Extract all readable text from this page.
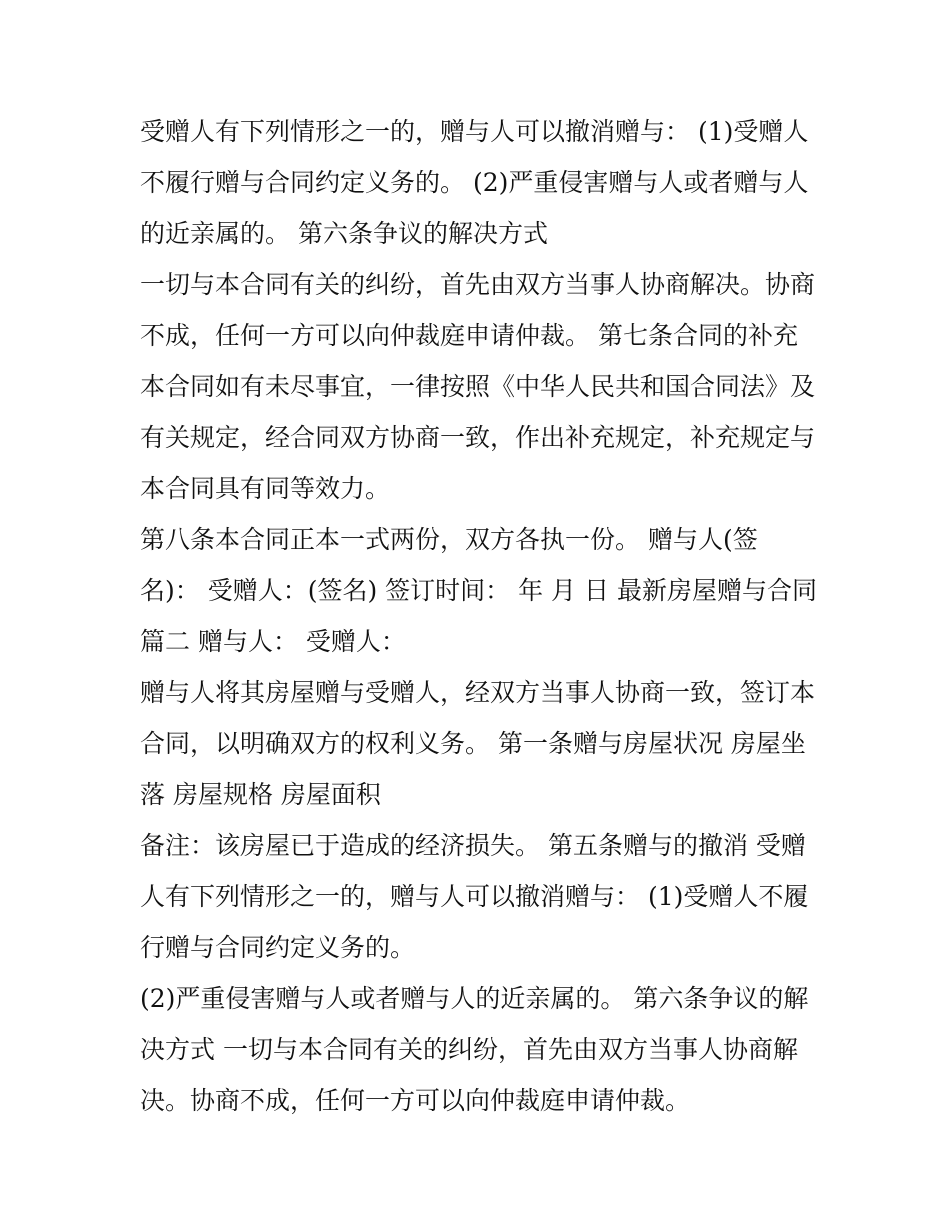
受赠人有下列情形之一的，赠与人可以撤消赠与： (1)受赠人
不履行赠与合同约定义务的。 (2)严重侵害赠与人或者赠与人
的近亲属的。 第六条争议的解决方式
一切与本合同有关的纠纷，首先由双方当事人协商解决。协商
不成，任何一方可以向仲裁庭申请仲裁。 第七条合同的补充
本合同如有未尽事宜，一律按照《中华人民共和国合同法》及
有关规定，经合同双方协商一致，作出补充规定，补充规定与
本合同具有同等效力。
第八条本合同正本一式两份，双方各执一份。 赠与人(签
名)： 受赠人：(签名) 签订时间： 年 月 日 最新房屋赠与合同
篇二 赠与人： 受赠人：
赠与人将其房屋赠与受赠人，经双方当事人协商一致，签订本
合同，以明确双方的权利义务。 第一条赠与房屋状况 房屋坐
落 房屋规格 房屋面积
备注：该房屋已于造成的经济损失。 第五条赠与的撤消 受赠
人有下列情形之一的，赠与人可以撤消赠与： (1)受赠人不履
行赠与合同约定义务的。
(2)严重侵害赠与人或者赠与人的近亲属的。 第六条争议的解
决方式 一切与本合同有关的纠纷，首先由双方当事人协商解
决。协商不成，任何一方可以向仲裁庭申请仲裁。
